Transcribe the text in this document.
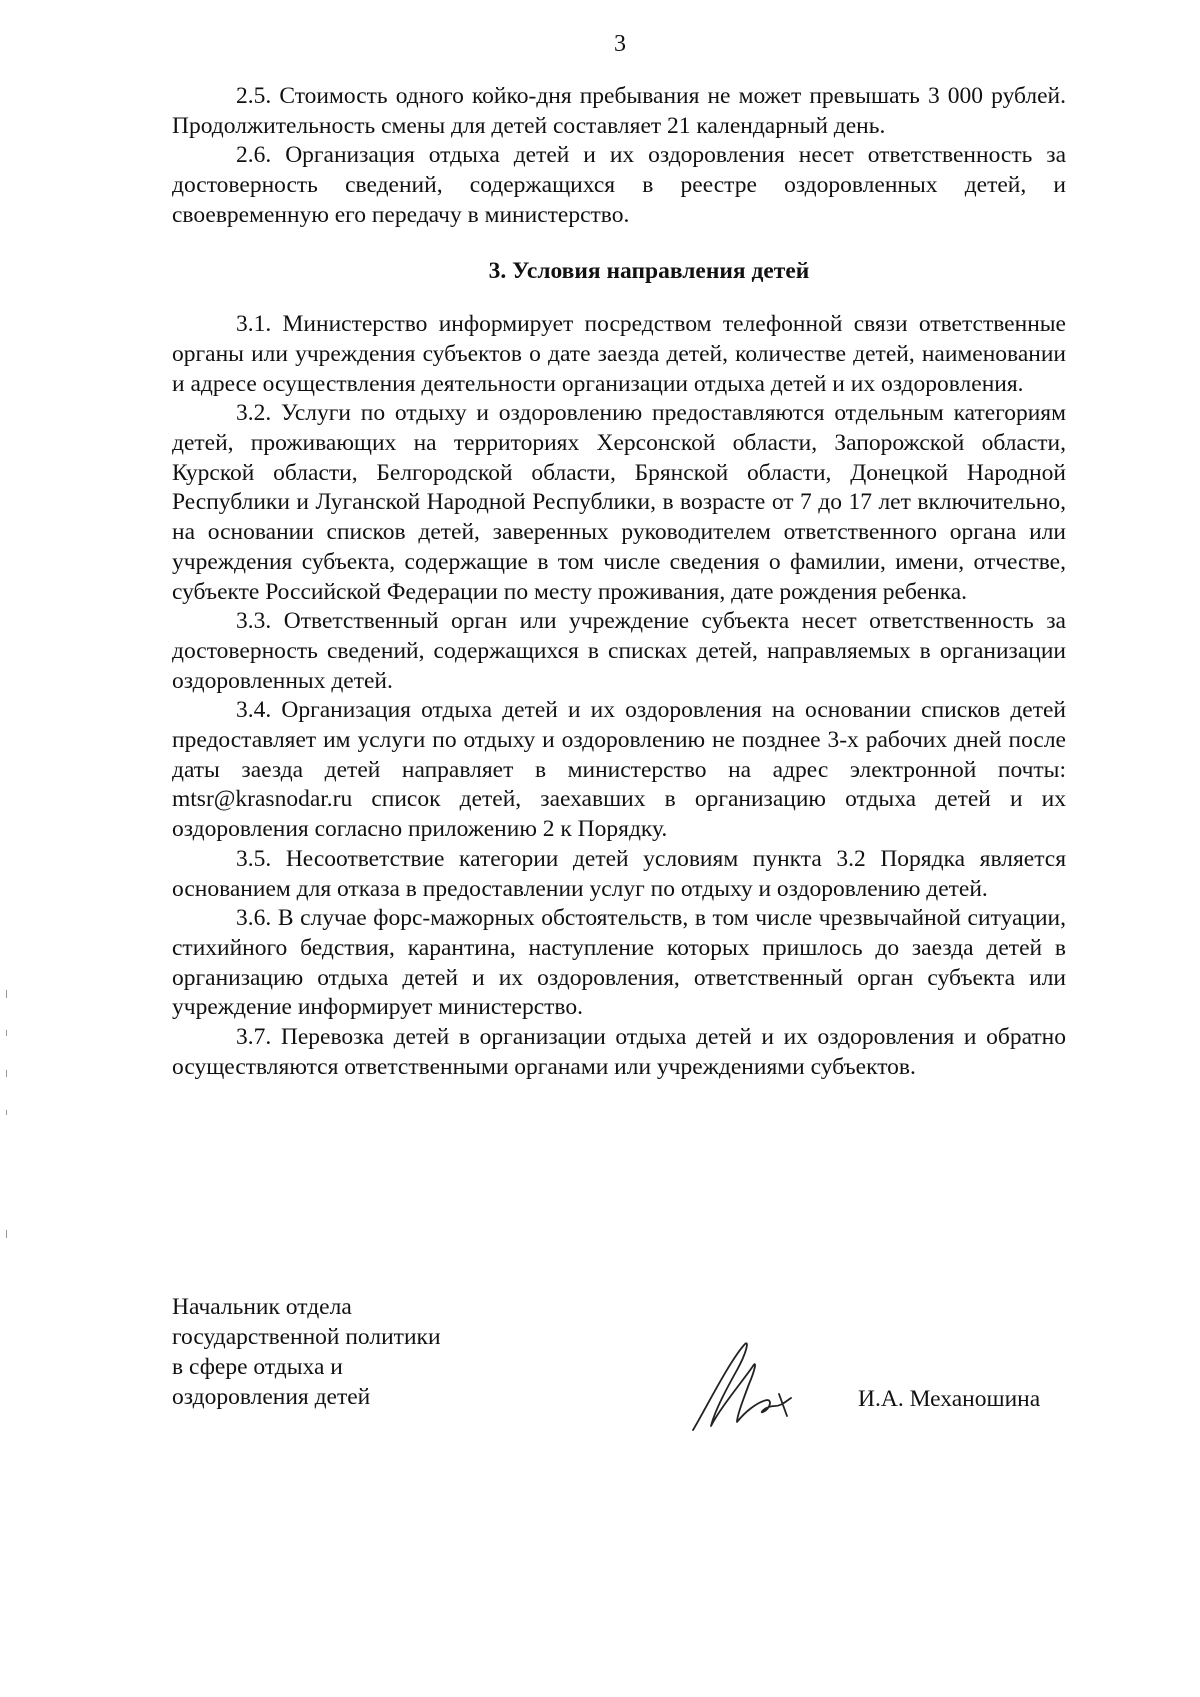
3

2.5. Стоимость одного койко-дня пребывания не может превышать 3 000 рублей. Продолжительность смены для детей составляет 21 календарный день.

2.6. Организация отдыха детей и их оздоровления несет ответственность за достоверность сведений, содержащихся в реестре оздоровленных детей, и своевременную его передачу в министерство.

3. Условия направления детей

3.1. Министерство информирует посредством телефонной связи ответственные органы или учреждения субъектов о дате заезда детей, количестве детей, наименовании и адресе осуществления деятельности организации отдыха детей и их оздоровления.

3.2. Услуги по отдыху и оздоровлению предоставляются отдельным категориям детей, проживающих на территориях Херсонской области, Запорожской области, Курской области, Белгородской области, Брянской области, Донецкой Народной Республики и Луганской Народной Республики, в возрасте от 7 до 17 лет включительно, на основании списков детей, заверенных руководителем ответственного органа или учреждения субъекта, содержащие в том числе сведения о фамилии, имени, отчестве, субъекте Российской Федерации по месту проживания, дате рождения ребенка.

3.3. Ответственный орган или учреждение субъекта несет ответственность за достоверность сведений, содержащихся в списках детей, направляемых в организации оздоровленных детей.

3.4. Организация отдыха детей и их оздоровления на основании списков детей предоставляет им услуги по отдыху и оздоровлению не позднее 3-х рабочих дней после даты заезда детей направляет в министерство на адрес электронной почты: mtsr@krasnodar.ru список детей, заехавших в организацию отдыха детей и их оздоровления согласно приложению 2 к Порядку.

3.5. Несоответствие категории детей условиям пункта 3.2 Порядка является основанием для отказа в предоставлении услуг по отдыху и оздоровлению детей.

3.6. В случае форс-мажорных обстоятельств, в том числе чрезвычайной ситуации, стихийного бедствия, карантина, наступление которых пришлось до заезда детей в организацию отдыха детей и их оздоровления, ответственный орган субъекта или учреждение информирует министерство.

3.7. Перевозка детей в организации отдыха детей и их оздоровления и обратно осуществляются ответственными органами или учреждениями субъектов.

Начальник отдела
государственной политики
в сфере отдыха и
оздоровления детей	И.А. Механошина
